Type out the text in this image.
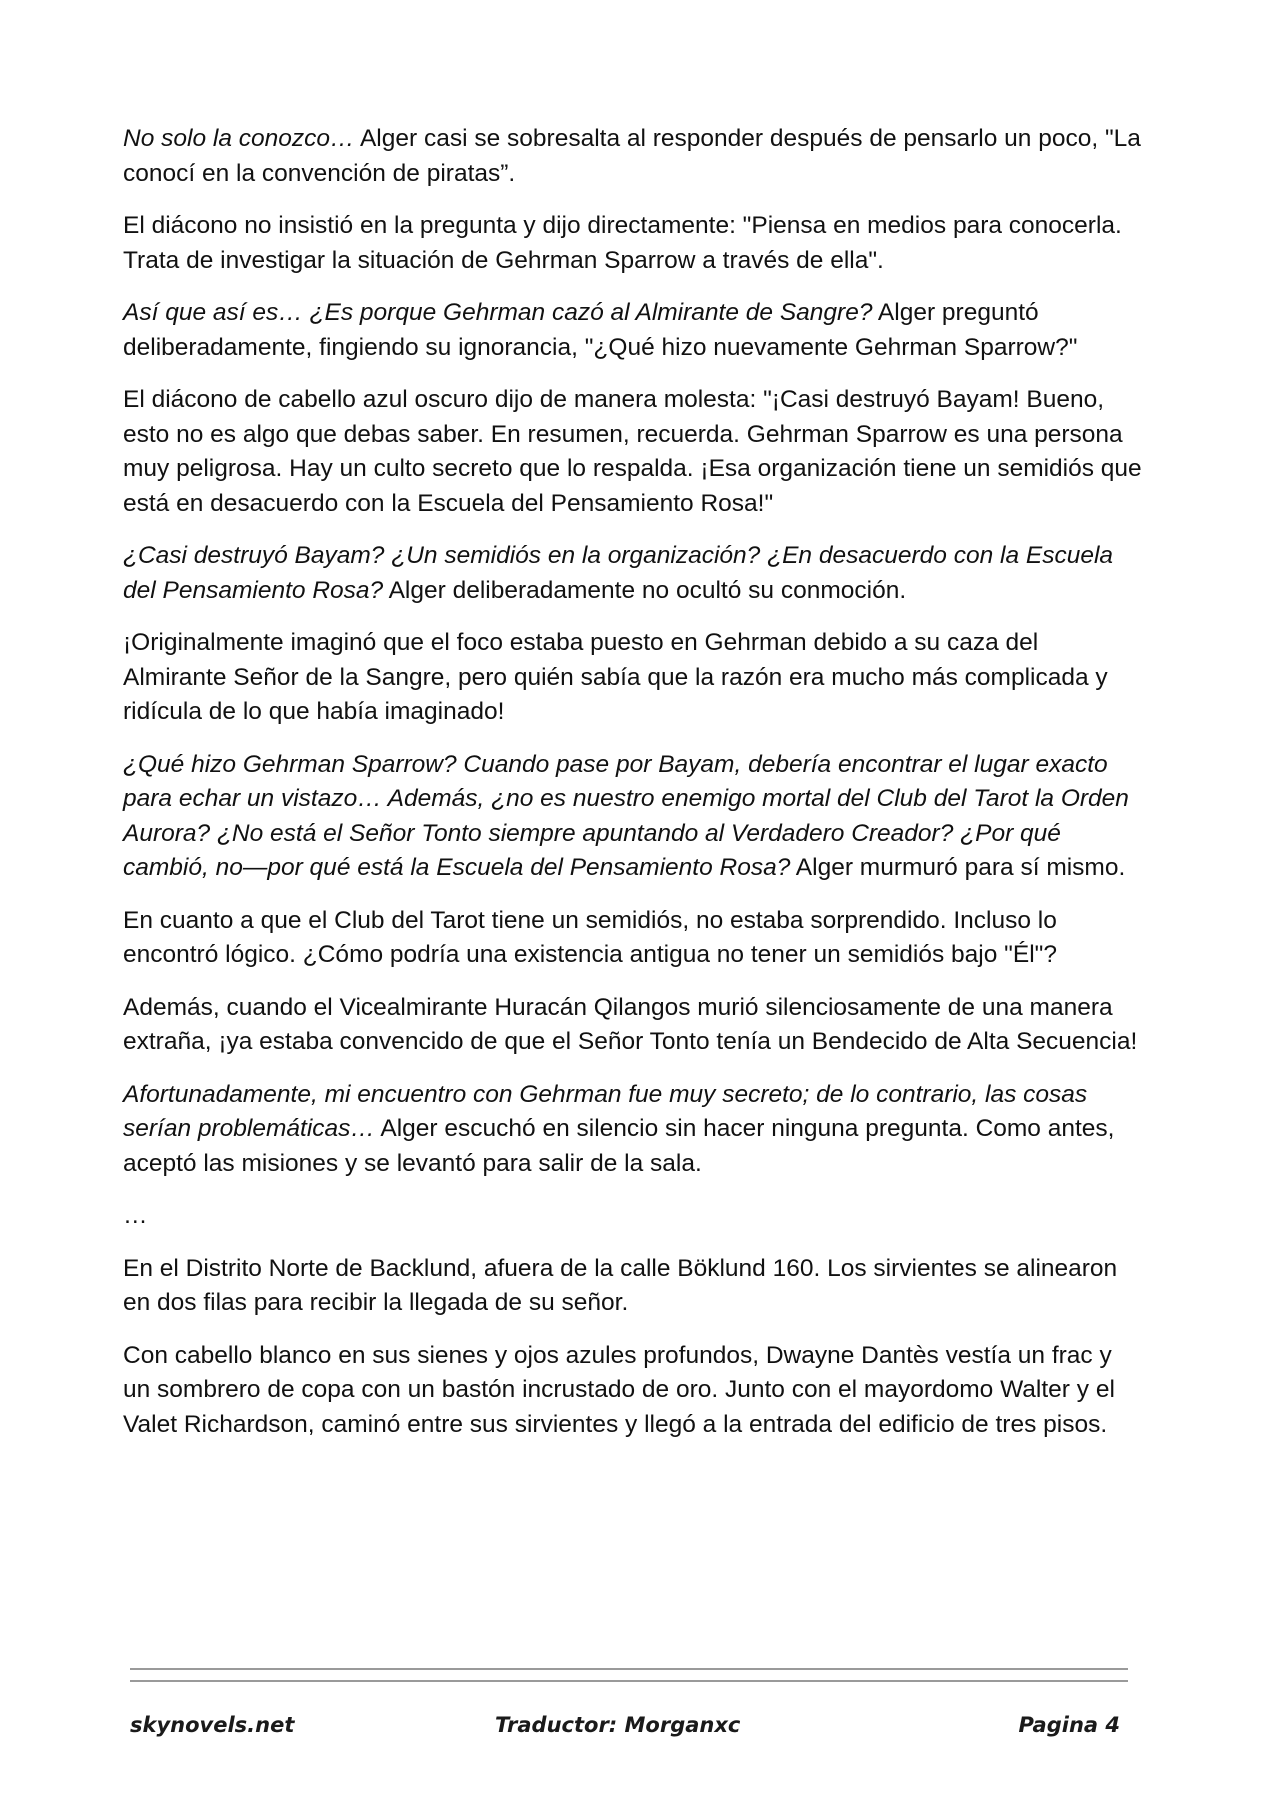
No solo la conozco… Alger casi se sobresalta al responder después de pensarlo un poco, "La conocí en la convención de piratas”.

El diácono no insistió en la pregunta y dijo directamente: "Piensa en medios para conocerla. Trata de investigar la situación de Gehrman Sparrow a través de ella".

Así que así es… ¿Es porque Gehrman cazó al Almirante de Sangre? Alger preguntó deliberadamente, fingiendo su ignorancia, "¿Qué hizo nuevamente Gehrman Sparrow?"

El diácono de cabello azul oscuro dijo de manera molesta: "¡Casi destruyó Bayam! Bueno, esto no es algo que debas saber. En resumen, recuerda. Gehrman Sparrow es una persona muy peligrosa. Hay un culto secreto que lo respalda. ¡Esa organización tiene un semidiós que está en desacuerdo con la Escuela del Pensamiento Rosa!"

¿Casi destruyó Bayam? ¿Un semidiós en la organización? ¿En desacuerdo con la Escuela del Pensamiento Rosa? Alger deliberadamente no ocultó su conmoción.

¡Originalmente imaginó que el foco estaba puesto en Gehrman debido a su caza del Almirante Señor de la Sangre, pero quién sabía que la razón era mucho más complicada y ridícula de lo que había imaginado!

¿Qué hizo Gehrman Sparrow? Cuando pase por Bayam, debería encontrar el lugar exacto para echar un vistazo… Además, ¿no es nuestro enemigo mortal del Club del Tarot la Orden Aurora? ¿No está el Señor Tonto siempre apuntando al Verdadero Creador? ¿Por qué cambió, no—por qué está la Escuela del Pensamiento Rosa? Alger murmuró para sí mismo.

En cuanto a que el Club del Tarot tiene un semidiós, no estaba sorprendido. Incluso lo encontró lógico. ¿Cómo podría una existencia antigua no tener un semidiós bajo "Él"?

Además, cuando el Vicealmirante Huracán Qilangos murió silenciosamente de una manera extraña, ¡ya estaba convencido de que el Señor Tonto tenía un Bendecido de Alta Secuencia!

Afortunadamente, mi encuentro con Gehrman fue muy secreto; de lo contrario, las cosas serían problemáticas… Alger escuchó en silencio sin hacer ninguna pregunta. Como antes, aceptó las misiones y se levantó para salir de la sala.

…

En el Distrito Norte de Backlund, afuera de la calle Böklund 160. Los sirvientes se alinearon en dos filas para recibir la llegada de su señor.

Con cabello blanco en sus sienes y ojos azules profundos, Dwayne Dantès vestía un frac y un sombrero de copa con un bastón incrustado de oro. Junto con el mayordomo Walter y el Valet Richardson, caminó entre sus sirvientes y llegó a la entrada del edificio de tres pisos.

skynovels.net	Traductor: Morganxc	Pagina 4
